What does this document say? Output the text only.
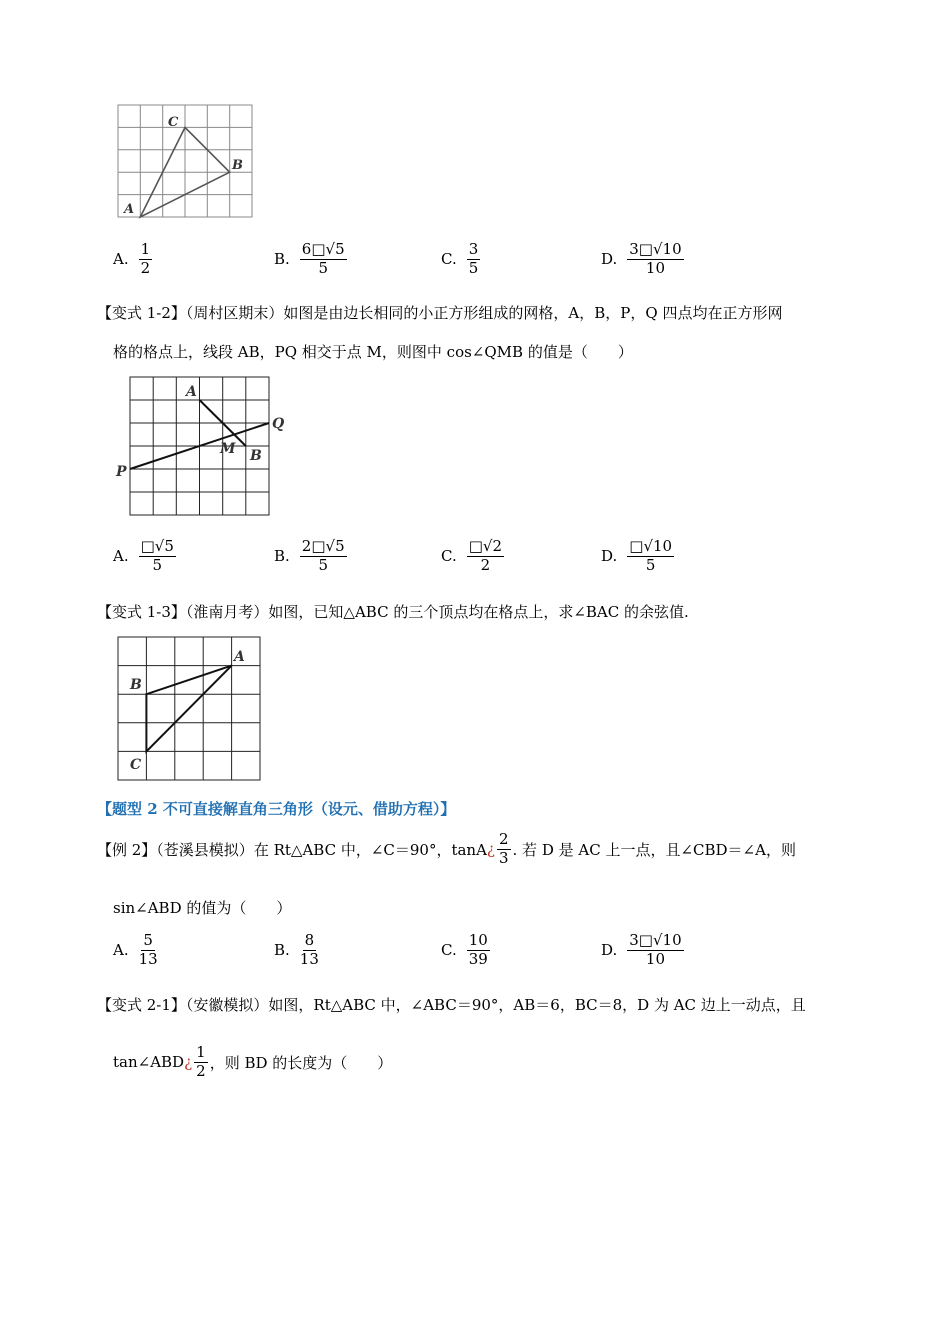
C
B
A
A. $\frac{1}{2}$	B. $\frac{6□√5}{5}$	C. $\frac{3}{5}$	D. $\frac{3□√10}{10}$
【变式 1-2】（周村区期末）如图是由边长相同的小正方形组成的网格，A，B，P，Q 四点均在正方形网
格的格点上，线段 AB，PQ 相交于点 M，则图中 cos∠QMB 的值是（　　）
A
Q
M B
P
A. $\frac{□√5}{5}$	B. $\frac{2□√5}{5}$	C. $\frac{□√2}{2}$	D. $\frac{□√10}{5}$
【变式 1-3】（淮南月考）如图，已知△ABC 的三个顶点均在格点上，求∠BAC 的余弦值.
A
B
C
【题型 2 不可直接解直角三角形（设元、借助方程）】
【例 2】（苍溪县模拟）在 Rt△ABC 中，∠C＝90°，tanA ¿ $\frac{2}{3}$ . 若 D 是 AC 上一点，且∠CBD＝∠A，则
sin∠ABD 的值为（　　）
A. $\frac{5}{13}$	B. $\frac{8}{13}$	C. $\frac{10}{39}$	D. $\frac{3□√10}{10}$
【变式 2-1】（安徽模拟）如图，Rt△ABC 中，∠ABC＝90°，AB＝6，BC＝8，D 为 AC 边上一动点，且
tan∠ABD ¿ $\frac{1}{2}$ ，则 BD 的长度为（　　）
